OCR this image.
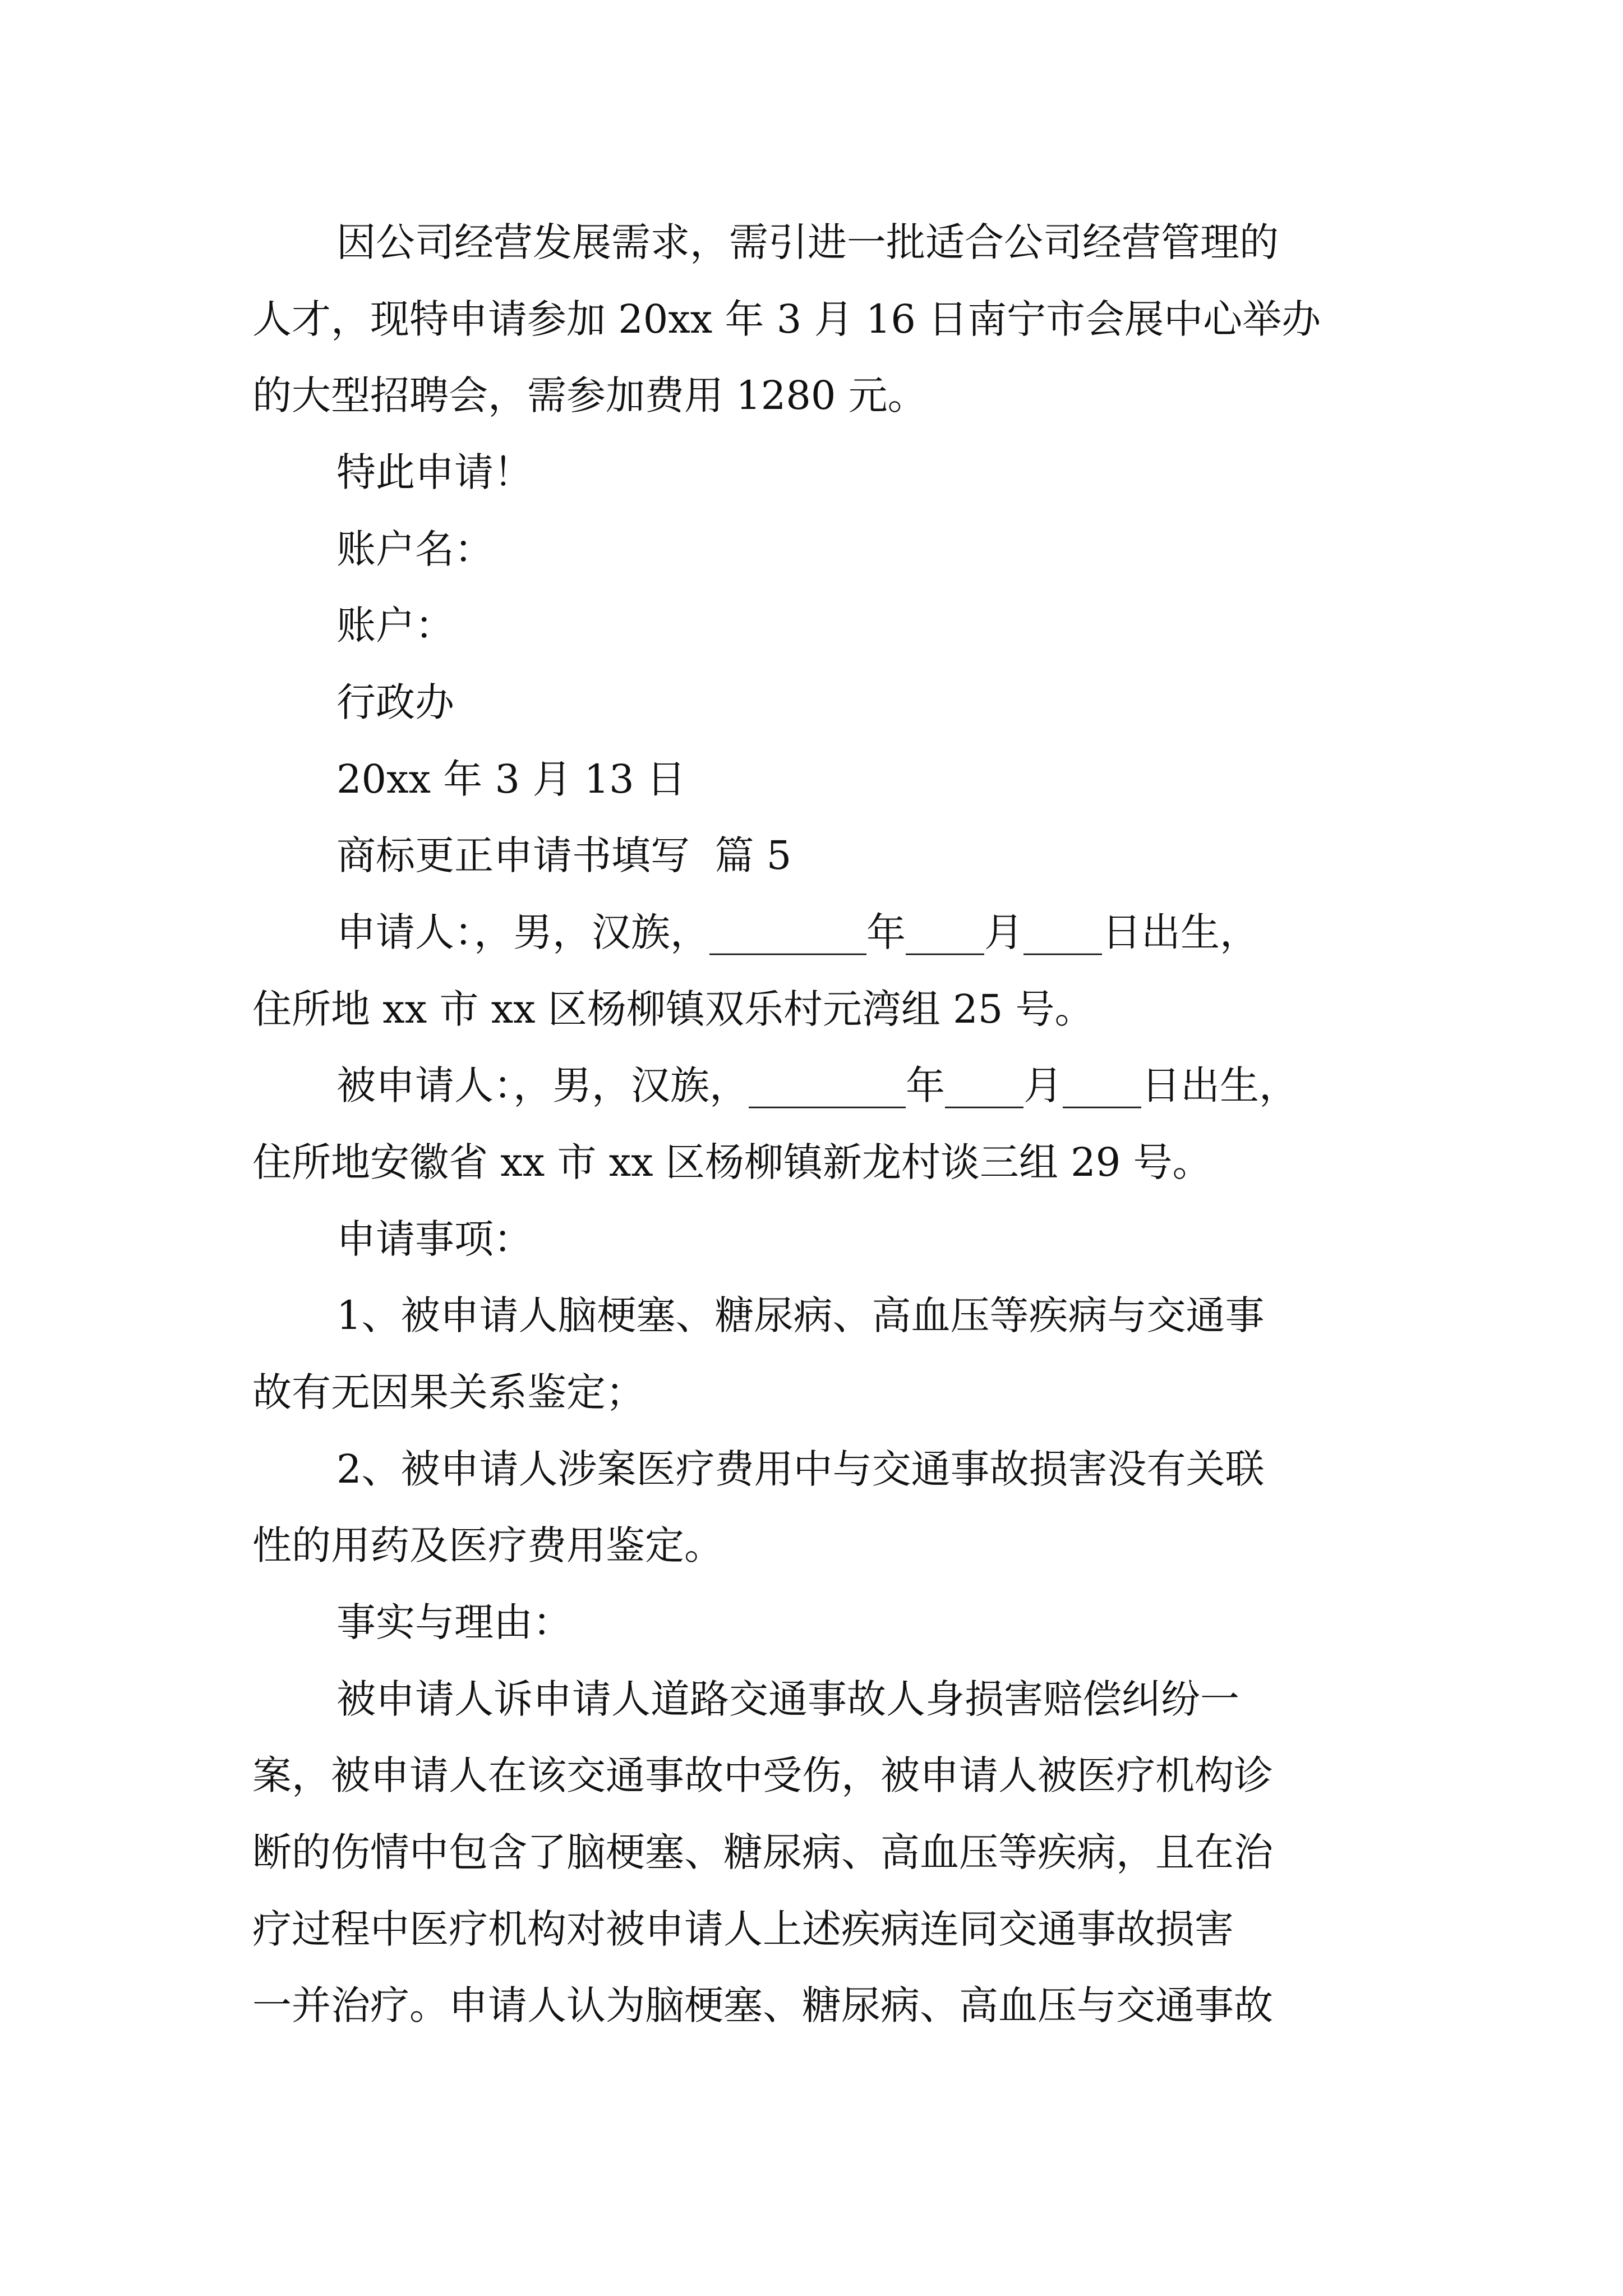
因公司经营发展需求，需引进一批适合公司经营管理的
人才，现特申请参加 20xx 年 3 月 16 日南宁市会展中心举办
的大型招聘会，需参加费用 1280 元。
特此申请！
账户名：
账户：
行政办
20xx 年 3 月 13 日
商标更正申请书填写  篇 5
申请人：，男，汉族，________年____月____日出生，
住所地 xx 市 xx 区杨柳镇双乐村元湾组 25 号。
被申请人：，男，汉族，________年____月____日出生，
住所地安徽省 xx 市 xx 区杨柳镇新龙村谈三组 29 号。
申请事项：
1、被申请人脑梗塞、糖尿病、高血压等疾病与交通事
故有无因果关系鉴定；
2、被申请人涉案医疗费用中与交通事故损害没有关联
性的用药及医疗费用鉴定。
事实与理由：
被申请人诉申请人道路交通事故人身损害赔偿纠纷一
案，被申请人在该交通事故中受伤，被申请人被医疗机构诊
断的伤情中包含了脑梗塞、糖尿病、高血压等疾病，且在治
疗过程中医疗机构对被申请人上述疾病连同交通事故损害
一并治疗。申请人认为脑梗塞、糖尿病、高血压与交通事故
